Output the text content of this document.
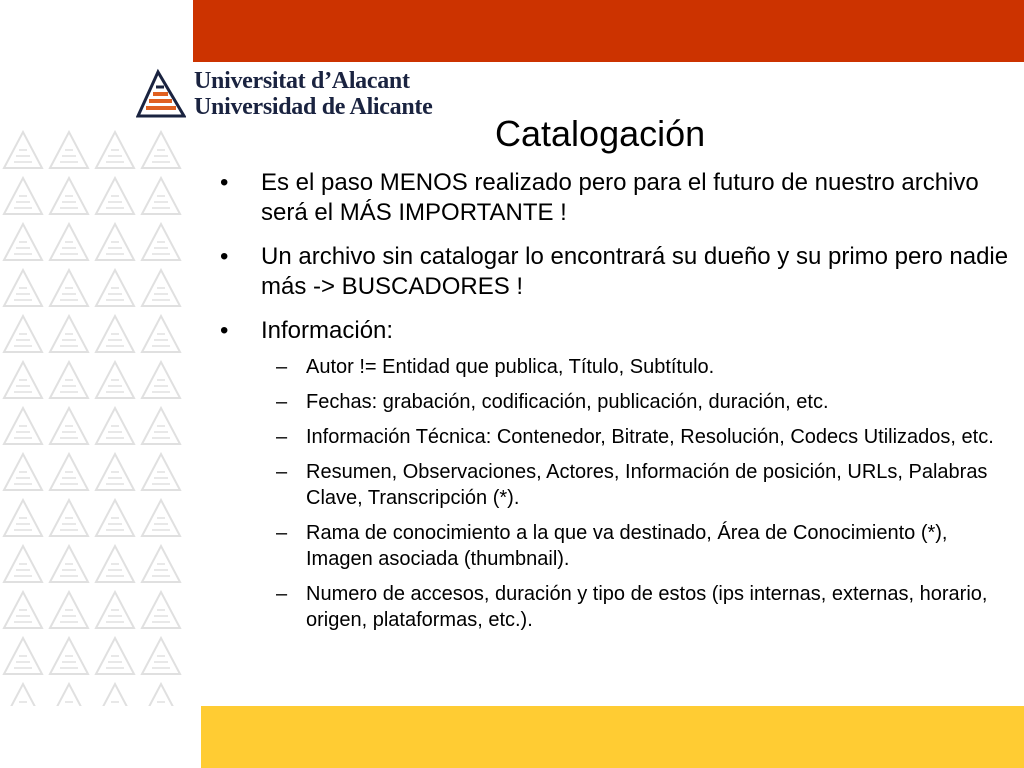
Universitat d’Alacant
Universidad de Alicante
Catalogación
•	Es el paso MENOS realizado pero para el futuro de nuestro archivo será el MÁS IMPORTANTE !
•	Un archivo sin catalogar lo encontrará su dueño y su primo pero nadie más -> BUSCADORES !
•	Información:
– Autor != Entidad que publica, Título, Subtítulo.
– Fechas: grabación, codificación, publicación, duración, etc.
– Información Técnica: Contenedor, Bitrate, Resolución, Codecs Utilizados, etc.
– Resumen, Observaciones, Actores, Información de posición, URLs, Palabras Clave, Transcripción (*).
– Rama de conocimiento a la que va destinado, Área de Conocimiento (*), Imagen asociada (thumbnail).
– Numero de accesos, duración y tipo de estos (ips internas, externas, horario, origen, plataformas, etc.).
